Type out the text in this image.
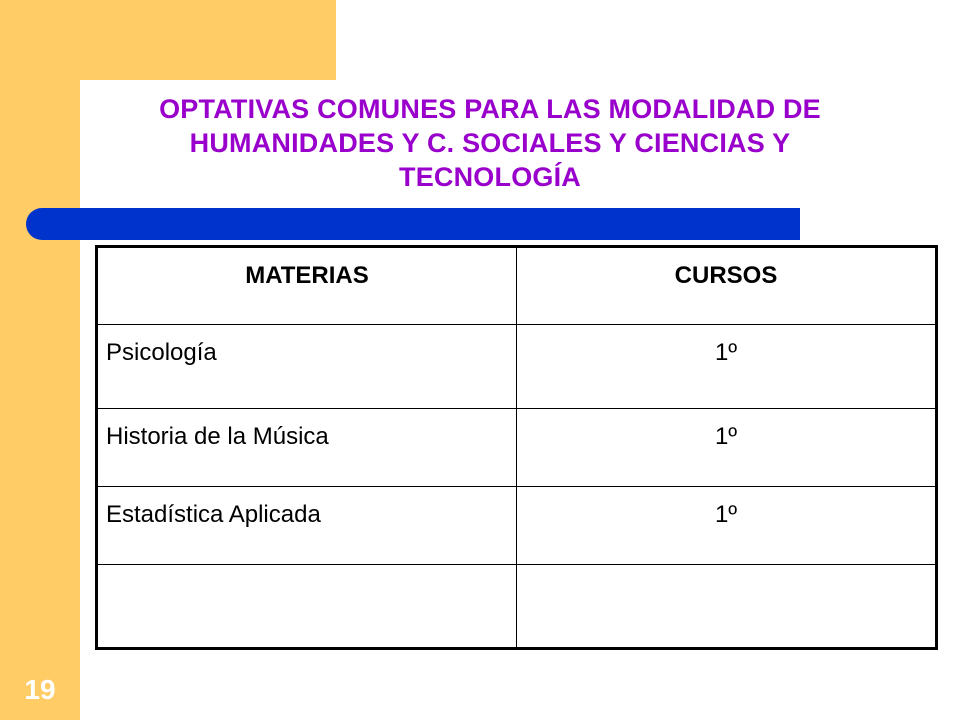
OPTATIVAS COMUNES PARA LAS MODALIDAD DE
HUMANIDADES Y C. SOCIALES Y CIENCIAS Y
TECNOLOGÍA
MATERIAS	CURSOS
Psicología	1º
Historia de la Música	1º
Estadística Aplicada	1º

19
